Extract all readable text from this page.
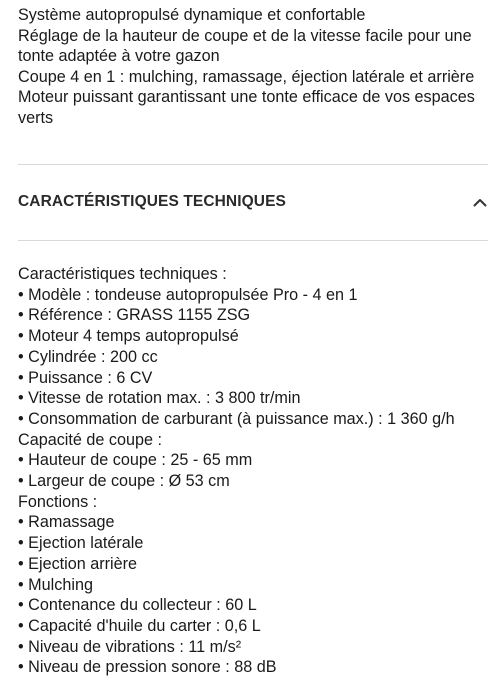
Système autopropulsé dynamique et confortable

Réglage de la hauteur de coupe et de la vitesse facile pour une tonte adaptée à votre gazon

Coupe 4 en 1 : mulching, ramassage, éjection latérale et arrière

Moteur puissant garantissant une tonte efficace de vos espaces verts

CARACTÉRISTIQUES TECHNIQUES

Caractéristiques techniques :

• Modèle : tondeuse autopropulsée Pro - 4 en 1

• Référence : GRASS 1155 ZSG

• Moteur 4 temps autopropulsé

• Cylindrée : 200 cc

• Puissance : 6 CV

• Vitesse de rotation max. : 3 800 tr/min

• Consommation de carburant (à puissance max.) : 1 360 g/h

Capacité de coupe :

• Hauteur de coupe : 25 - 65 mm

• Largeur de coupe : Ø 53 cm

Fonctions :

• Ramassage

• Ejection latérale

• Ejection arrière

• Mulching

• Contenance du collecteur : 60 L

• Capacité d'huile du carter : 0,6 L

• Niveau de vibrations : 11 m/s²

• Niveau de pression sonore : 88 dB
